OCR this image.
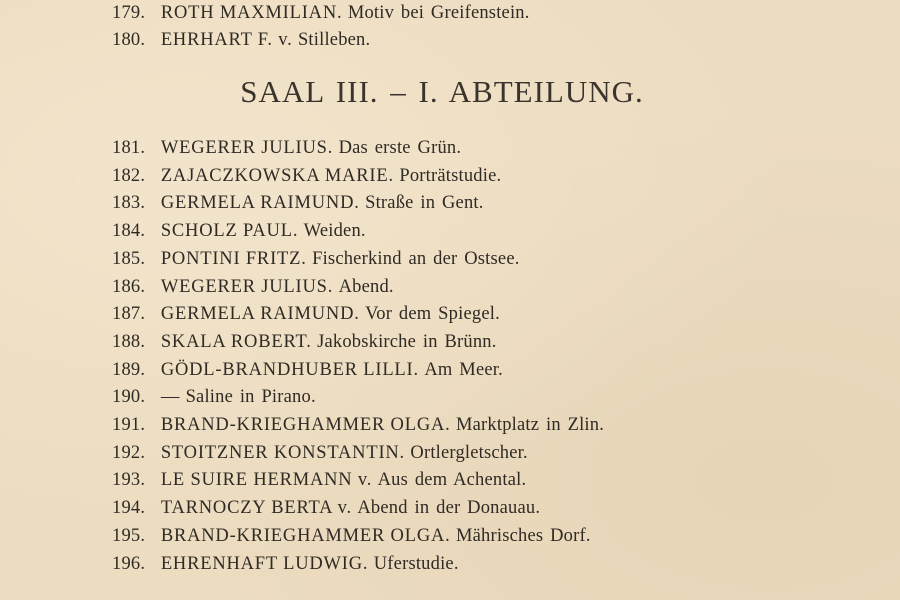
179. ROTH MAXMILIAN. Motiv bei Greifenstein.
180. EHRHART F. v. Stilleben.
SAAL III. – I. ABTEILUNG.
181. WEGERER JULIUS. Das erste Grün.
182. ZAJACZKOWSKA MARIE. Porträtstudie.
183. GERMELA RAIMUND. Straße in Gent.
184. SCHOLZ PAUL. Weiden.
185. PONTINI FRITZ. Fischerkind an der Ostsee.
186. WEGERER JULIUS. Abend.
187. GERMELA RAIMUND. Vor dem Spiegel.
188. SKALA ROBERT. Jakobskirche in Brünn.
189. GÖDL-BRANDHUBER LILLI. Am Meer.
190. — Saline in Pirano.
191. BRAND-KRIEGHAMMER OLGA. Marktplatz in Zlin.
192. STOITZNER KONSTANTIN. Ortlergletscher.
193. LE SUIRE HERMANN v. Aus dem Achental.
194. TARNOCZY BERTA v. Abend in der Donauau.
195. BRAND-KRIEGHAMMER OLGA. Mährisches Dorf.
196. EHRENHAFT LUDWIG. Uferstudie.
